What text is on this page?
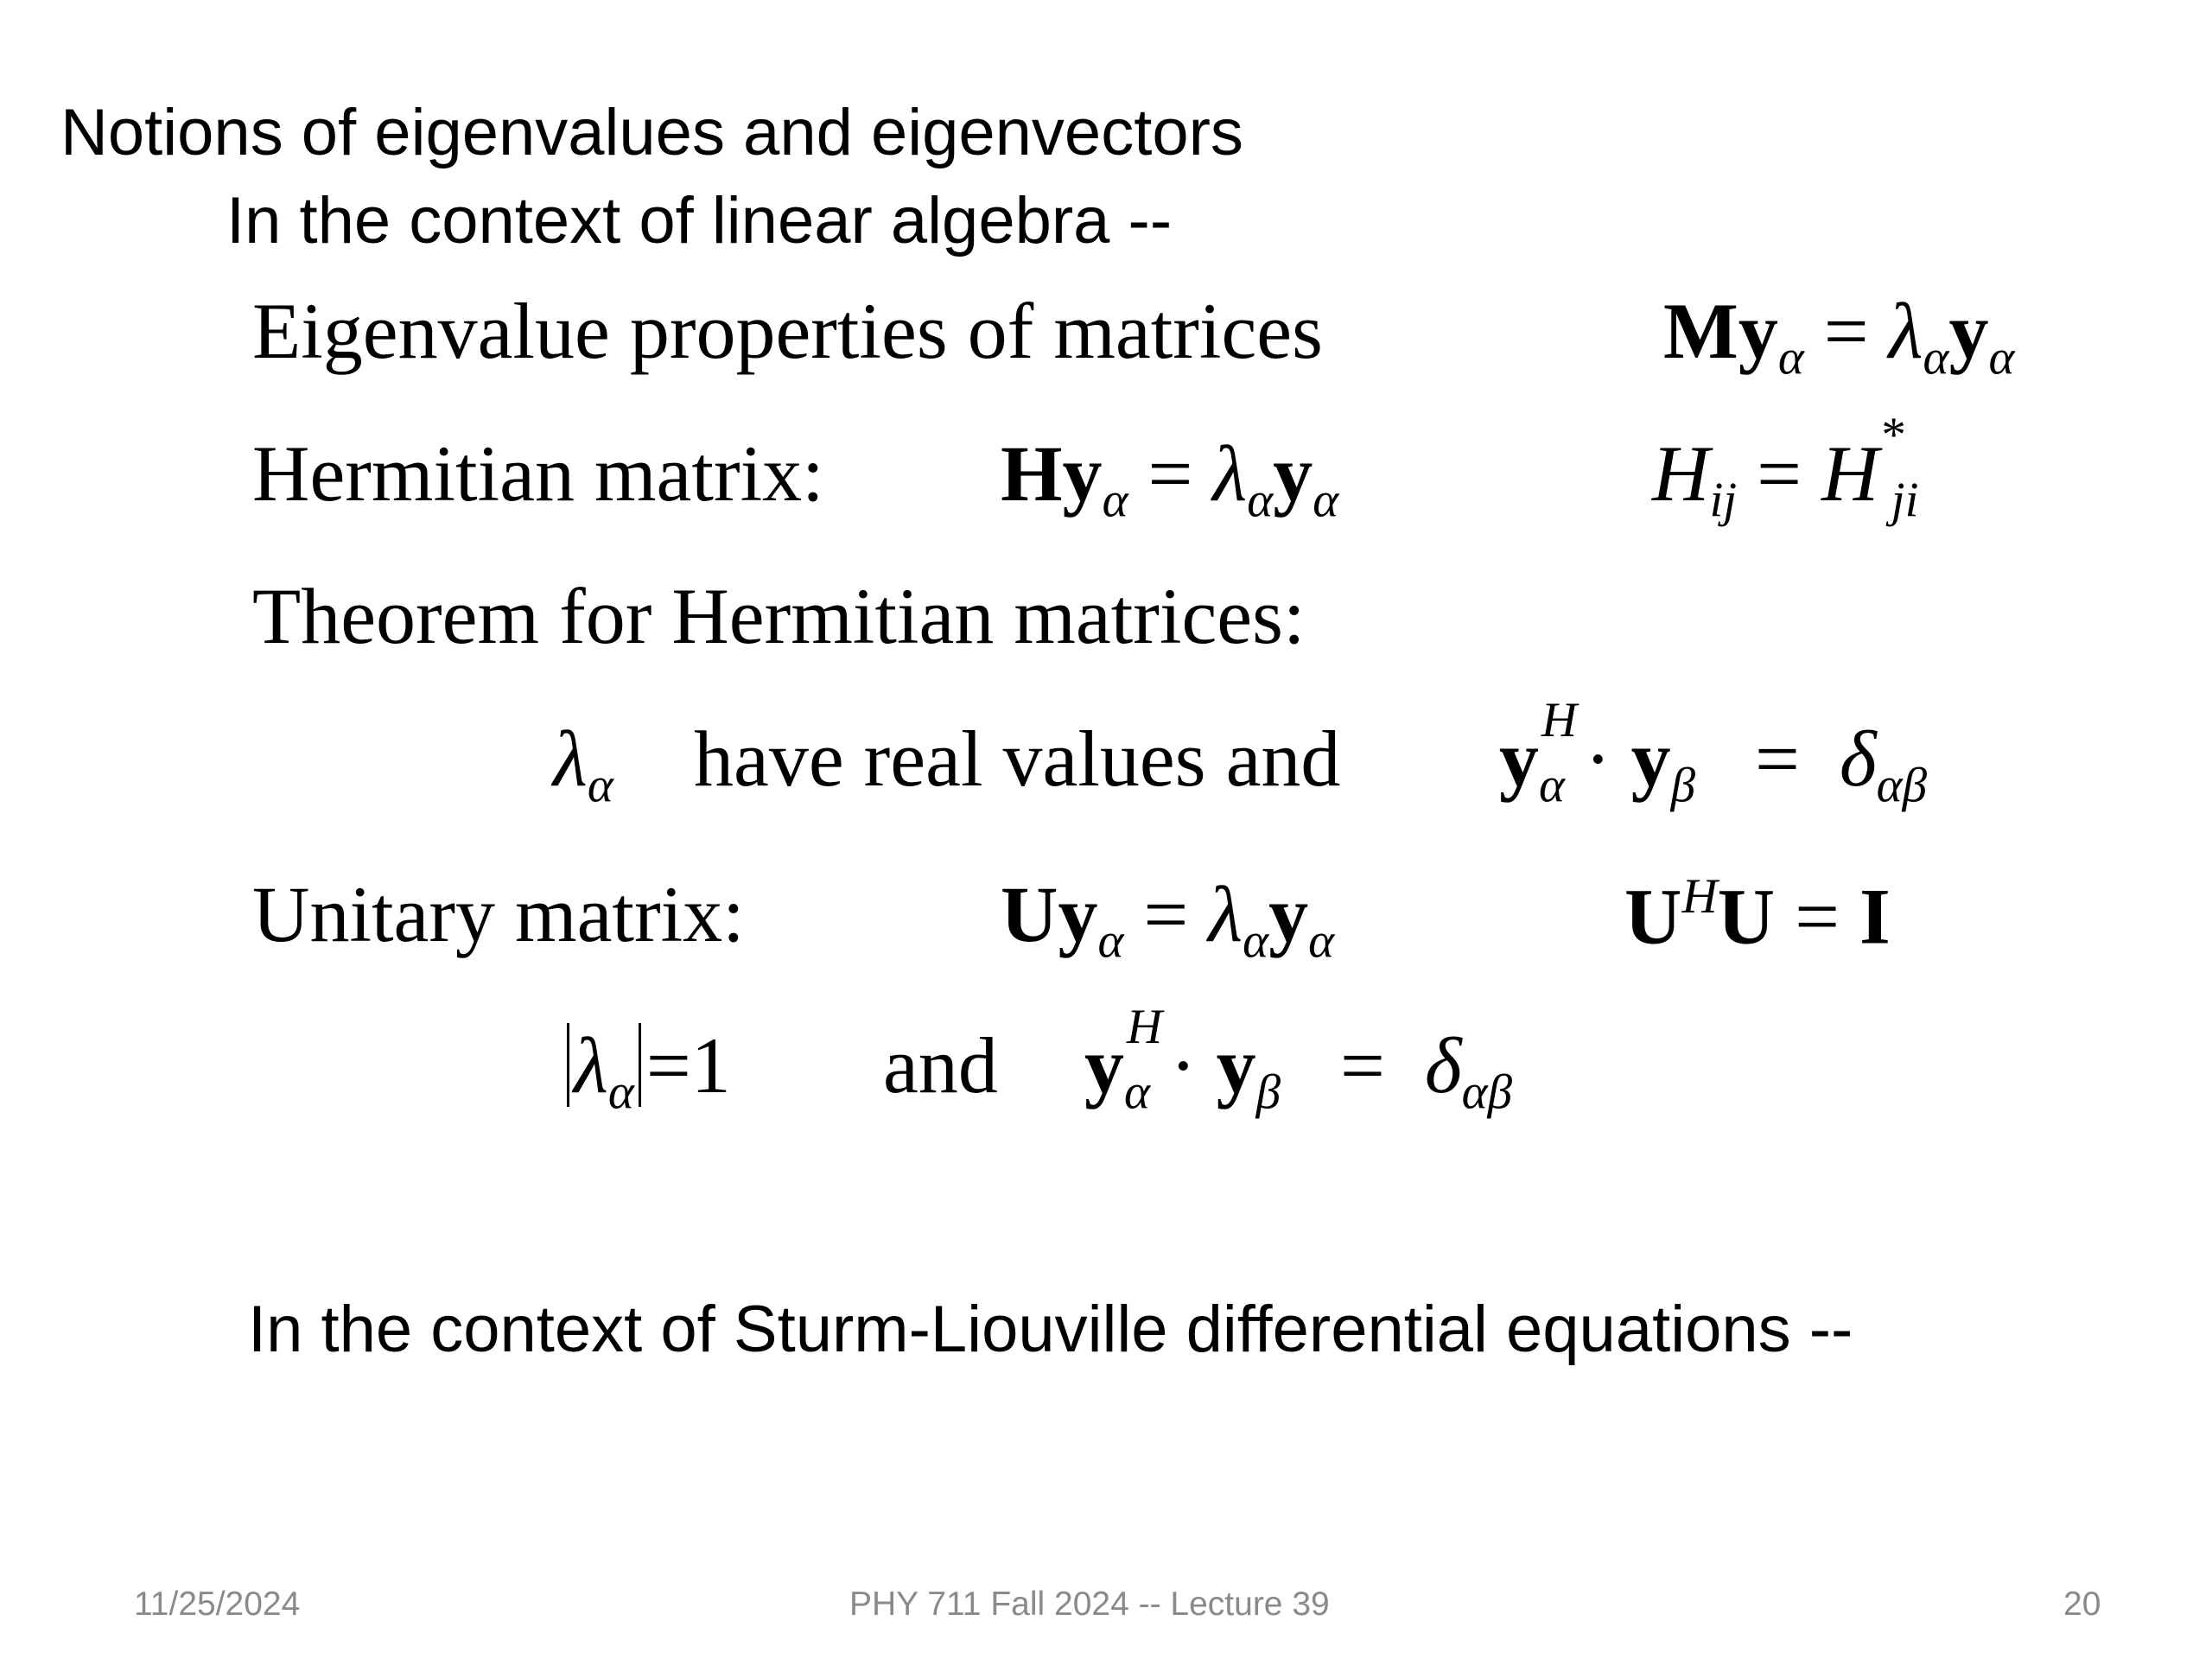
Notions of eigenvalues and eigenvectors
In the context of linear algebra --
Eigenvalue properties of matrices	$My_\alpha = \lambda_\alpha y_\alpha$
Hermitian matrix: $Hy_\alpha = \lambda_\alpha y_\alpha$	$H_{ij} = H$ *
ji
Theorem for Hermitian matrices:
$\lambda_\alpha$ have real values and y H
$\alpha \cdot y_\beta = \delta_{\alpha\beta}$
Unitary matrix:	$Uy_\alpha = \lambda_\alpha y_\alpha$	$U^HU = I$
$\lambda_\alpha =1$ and y H
$\alpha \cdot y_\beta = \delta_{\alpha\beta}$
In the context of Sturm-Liouville differential equations --
11/25/2024	PHY 711 Fall 2024 -- Lecture 39	20
